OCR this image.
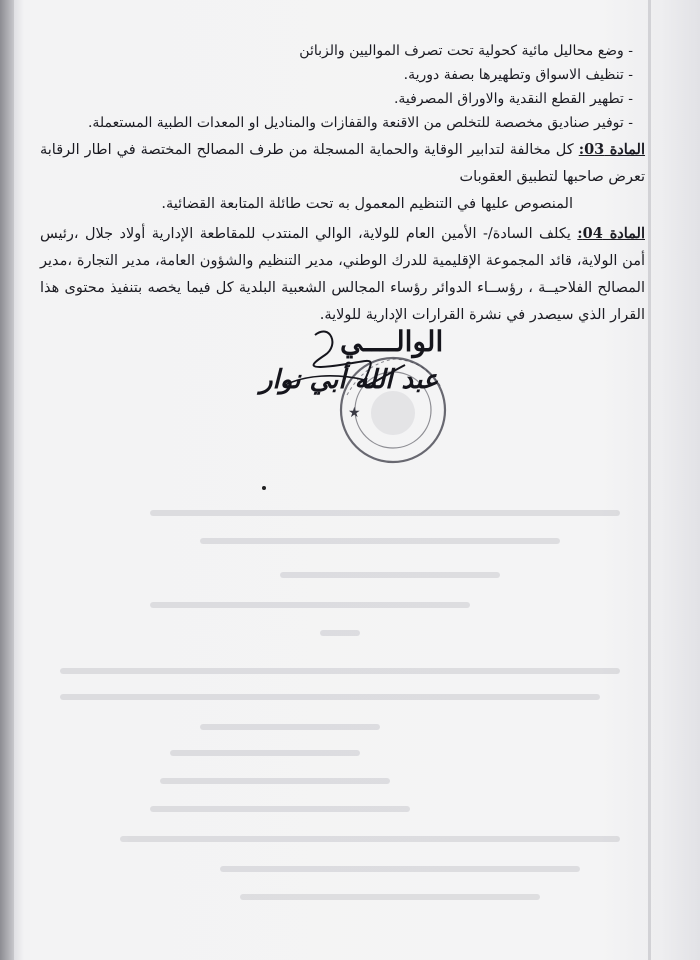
- وضع محاليل مائية كحولية تحت تصرف المواليين والزبائن

- تنظيف الاسواق وتطهيرها بصفة دورية.

- تطهير القطع النقدية والاوراق المصرفية.

- توفير صناديق مخصصة للتخلص من الاقنعة والقفازات والمناديل او المعدات الطبية المستعملة.

المادة 03: كل مخالفة لتدابير الوقاية والحماية المسجلة من طرف المصالح المختصة في اطار الرقابة تعرض صاحبها لتطبيق العقوبات
المنصوص عليها في التنظيم المعمول به تحت طائلة المتابعة القضائية.

المادة 04: يكلف السادة/- الأمين العام للولاية، الوالي المنتدب للمقاطعة الإدارية أولاد جلال ،رئيس أمن الولاية، قائد المجموعة الإقليمية للدرك الوطني، مدير التنظيم والشؤون العامة، مدير التجارة ،مدير المصالح الفلاحيــة ، رؤســاء الدوائر رؤساء المجالس الشعبية البلدية كل فيما يخصه بتنفيذ محتوى هذا القرار الذي سيصدر في نشرة القرارات الإدارية للولاية.

★
الوالــــي
عبد الله أبي نوار
